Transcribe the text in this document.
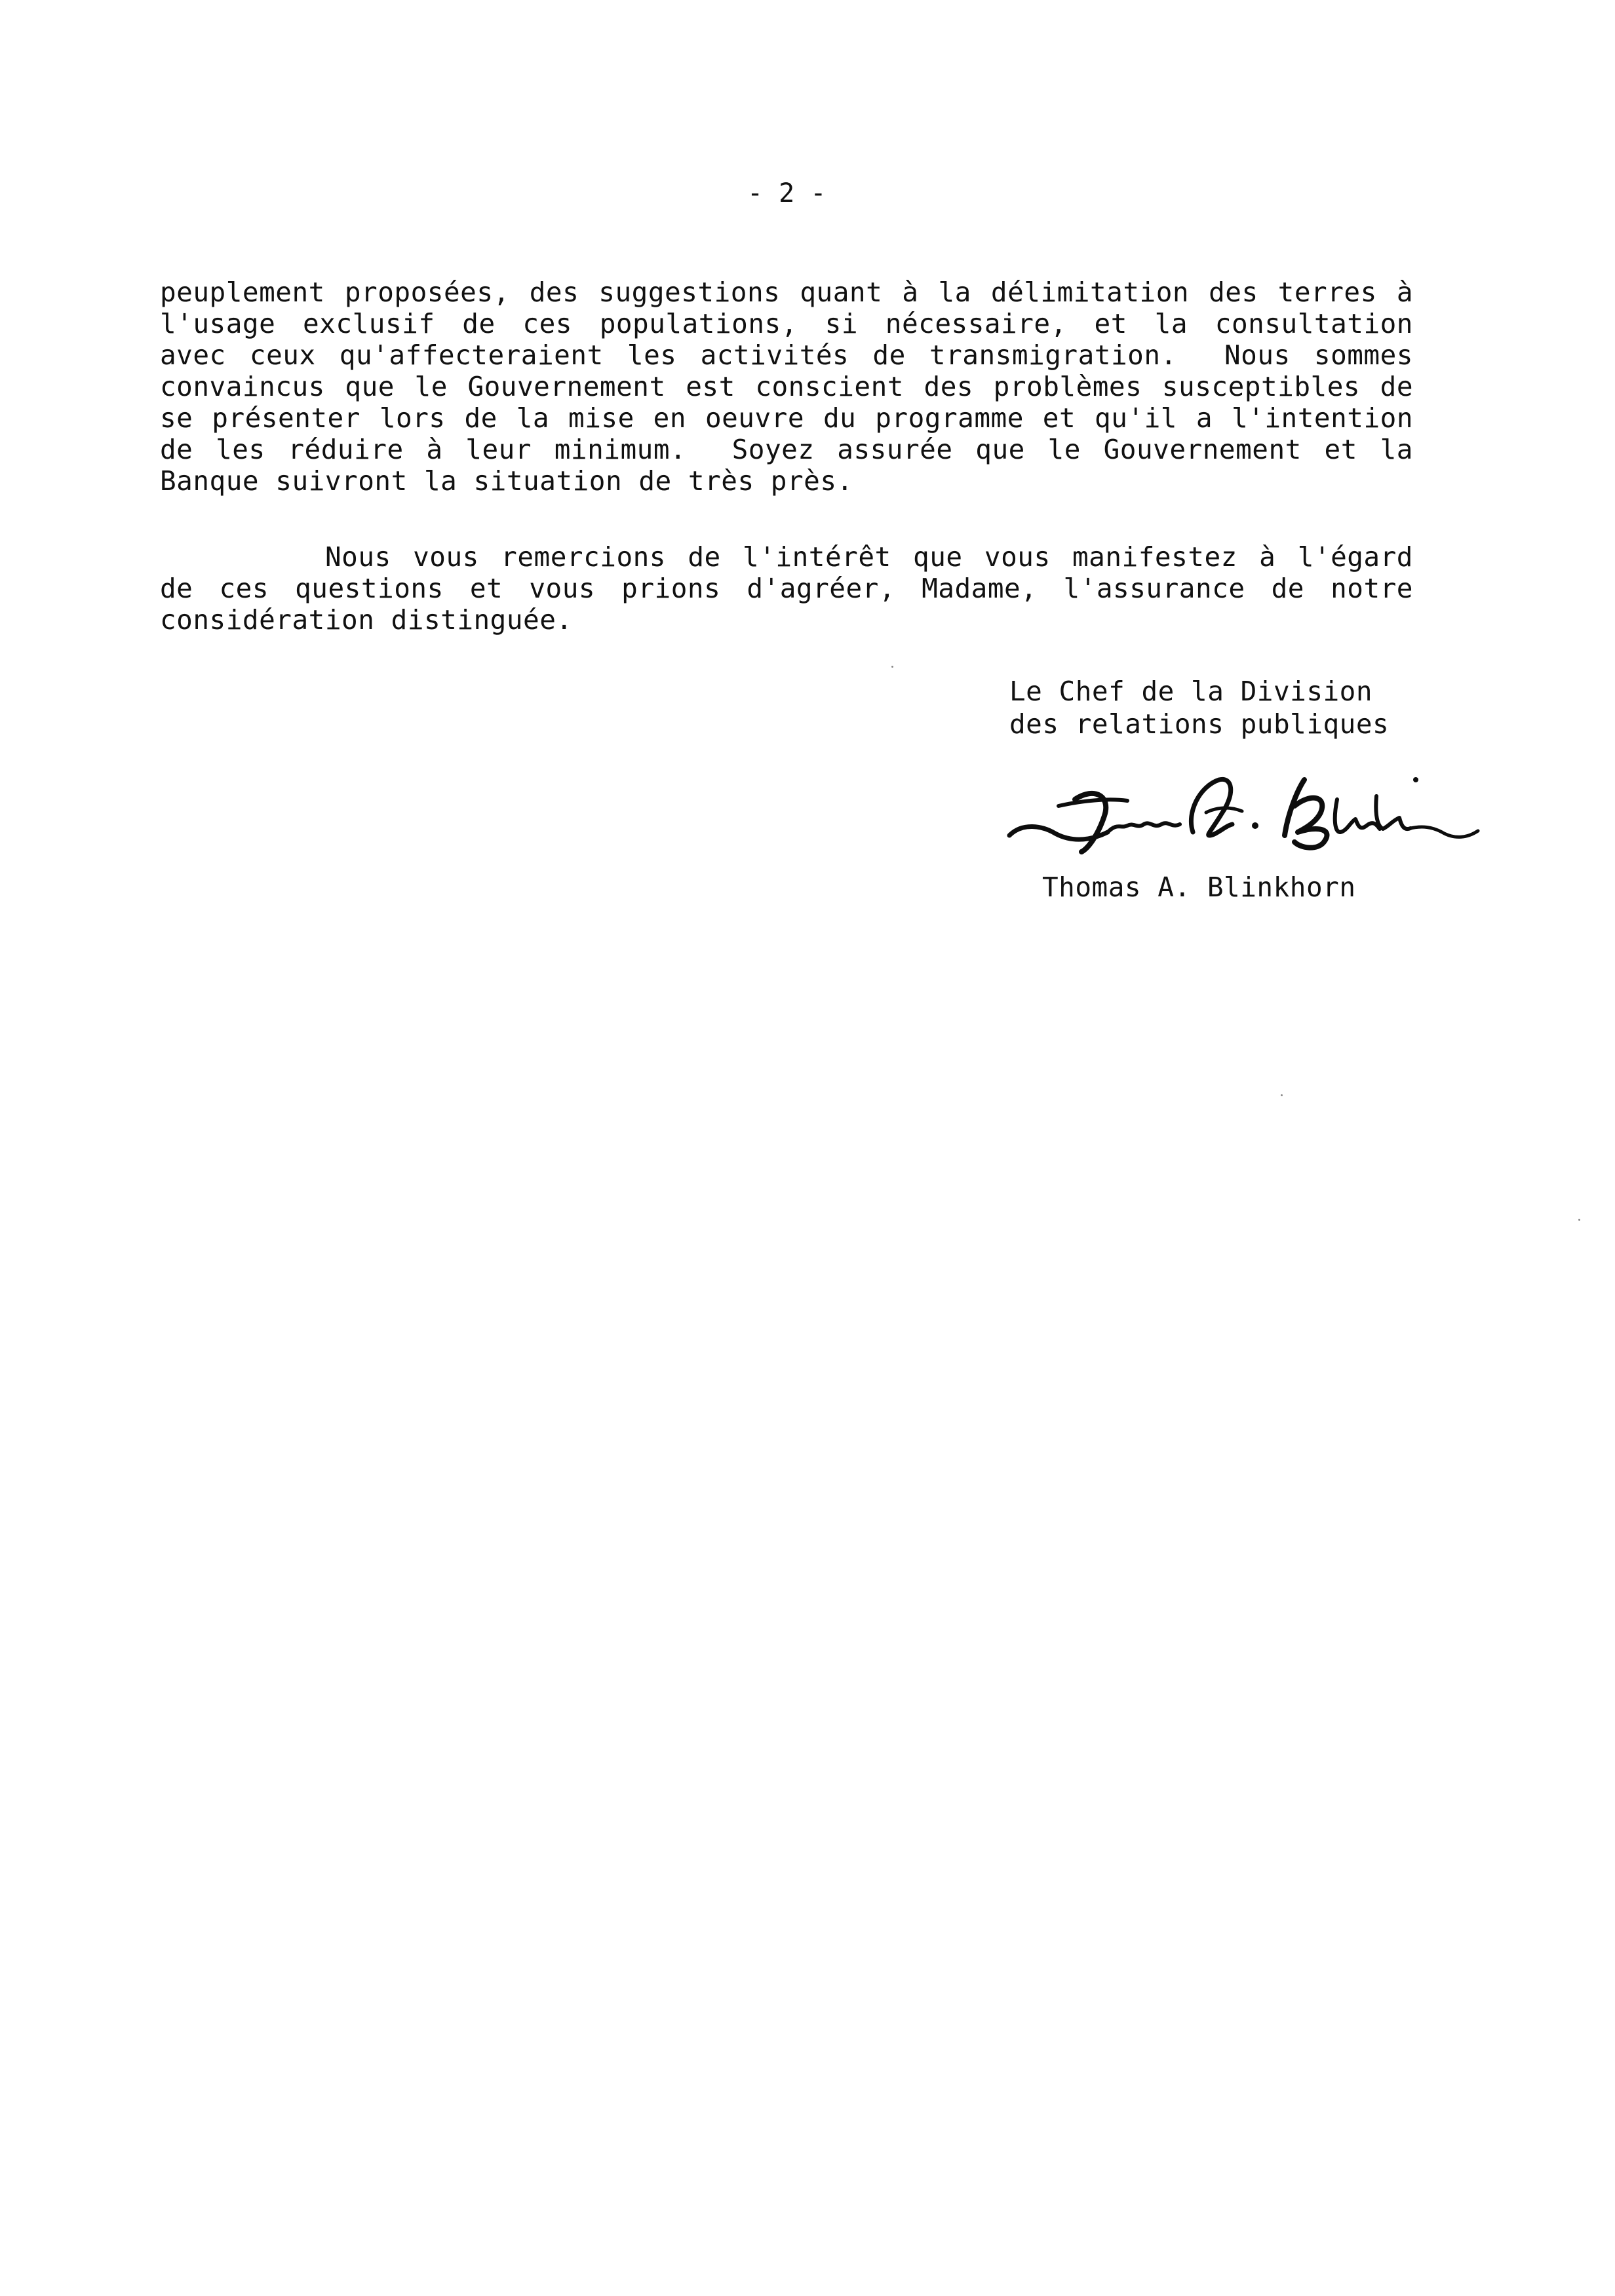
- 2 -
peuplement proposées, des suggestions quant à la délimitation des terres à
l'usage exclusif de ces populations, si nécessaire, et la consultation
avec ceux qu'affecteraient les activités de transmigration.  Nous sommes
convaincus que le Gouvernement est conscient des problèmes susceptibles de
se présenter lors de la mise en oeuvre du programme et qu'il a l'intention
de les réduire à leur minimum.  Soyez assurée que le Gouvernement et la
Banque suivront la situation de très près.
Nous vous remercions de l'intérêt que vous manifestez à l'égard
de ces questions et vous prions d'agréer, Madame, l'assurance de notre
considération distinguée.
Le Chef de la Division
des relations publiques
Thomas A. Blinkhorn
